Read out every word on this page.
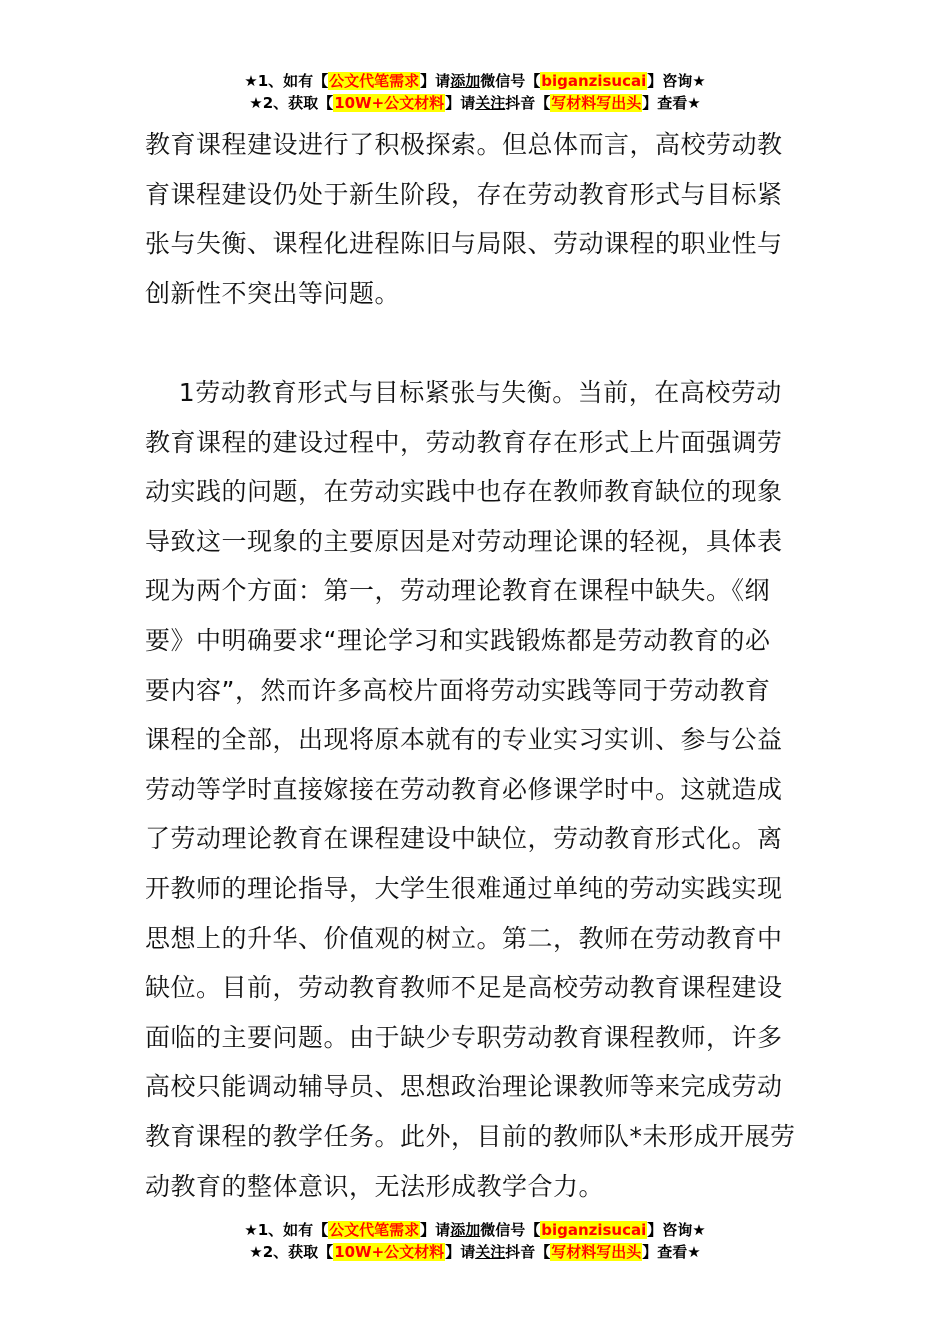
★1、如有【公文代笔需求】请添加微信号【biganzisucai】咨询★
★2、获取【10W+公文材料】请关注抖音【写材料写出头】查看★
教育课程建设进行了积极探索。但总体而言，高校劳动教
育课程建设仍处于新生阶段，存在劳动教育形式与目标紧
张与失衡、课程化进程陈旧与局限、劳动课程的职业性与
创新性不突出等问题。
1劳动教育形式与目标紧张与失衡。当前，在高校劳动
教育课程的建设过程中，劳动教育存在形式上片面强调劳
动实践的问题，在劳动实践中也存在教师教育缺位的现象
导致这一现象的主要原因是对劳动理论课的轻视，具体表
现为两个方面：第一，劳动理论教育在课程中缺失。《纲
要》中明确要求“理论学习和实践锻炼都是劳动教育的必
要内容”，然而许多高校片面将劳动实践等同于劳动教育
课程的全部，出现将原本就有的专业实习实训、参与公益
劳动等学时直接嫁接在劳动教育必修课学时中。这就造成
了劳动理论教育在课程建设中缺位，劳动教育形式化。离
开教师的理论指导，大学生很难通过单纯的劳动实践实现
思想上的升华、价值观的树立。第二，教师在劳动教育中
缺位。目前，劳动教育教师不足是高校劳动教育课程建设
面临的主要问题。由于缺少专职劳动教育课程教师，许多
高校只能调动辅导员、思想政治理论课教师等来完成劳动
教育课程的教学任务。此外，目前的教师队*未形成开展劳
动教育的整体意识，无法形成教学合力。
★1、如有【公文代笔需求】请添加微信号【biganzisucai】咨询★
★2、获取【10W+公文材料】请关注抖音【写材料写出头】查看★
